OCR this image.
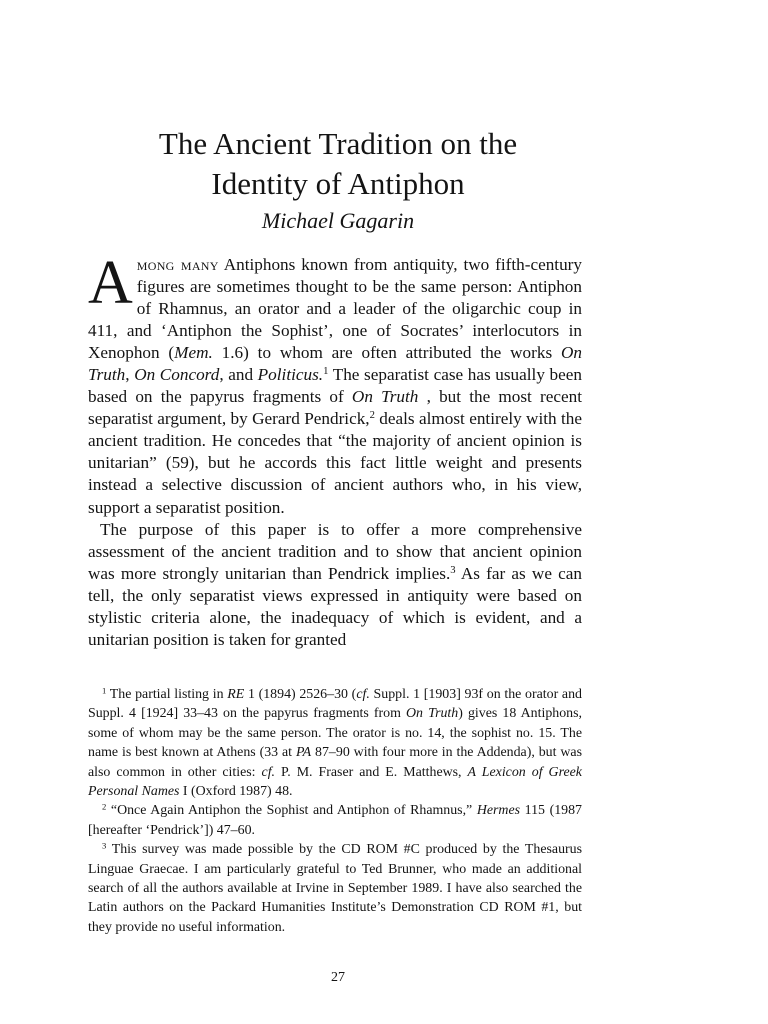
The Ancient Tradition on the
Identity of Antiphon
Michael Gagarin

Among many Antiphons known from antiquity, two fifth-century figures are sometimes thought to be the same person: Antiphon of Rhamnus, an orator and a leader of the oligarchic coup in 411, and ‘Antiphon the Sophist’, one of Socrates’ interlocutors in Xenophon (Mem. 1.6) to whom are often attributed the works On Truth, On Concord, and Politicus.$^1$ The separatist case has usually been based on the papyrus fragments of On Truth , but the most recent separatist argument, by Gerard Pendrick,$^2$ deals almost entirely with the ancient tradition. He concedes that “the majority of ancient opinion is unitarian” (59), but he accords this fact little weight and presents instead a selective discussion of ancient authors who, in his view, support a separatist position.

The purpose of this paper is to offer a more comprehensive assessment of the ancient tradition and to show that ancient opinion was more strongly unitarian than Pendrick implies.$^3$ As far as we can tell, the only separatist views expressed in antiquity were based on stylistic criteria alone, the inadequacy of which is evident, and a unitarian position is taken for granted

$^1$ The partial listing in RE 1 (1894) 2526–30 (cf. Suppl. 1 [1903] 93f on the orator and Suppl. 4 [1924] 33–43 on the papyrus fragments from On Truth) gives 18 Antiphons, some of whom may be the same person. The orator is no. 14, the sophist no. 15. The name is best known at Athens (33 at PA 87–90 with four more in the Addenda), but was also common in other cities: cf. P. M. Fraser and E. Matthews, A Lexicon of Greek Personal Names I (Oxford 1987) 48.

$^2$ “Once Again Antiphon the Sophist and Antiphon of Rhamnus,” Hermes 115 (1987 [hereafter ‘Pendrick’]) 47–60.

$^3$ This survey was made possible by the CD ROM #C produced by the Thesaurus Linguae Graecae. I am particularly grateful to Ted Brunner, who made an additional search of all the authors available at Irvine in September 1989. I have also searched the Latin authors on the Packard Humanities Institute’s Demonstration CD ROM #1, but they provide no useful information.

27
